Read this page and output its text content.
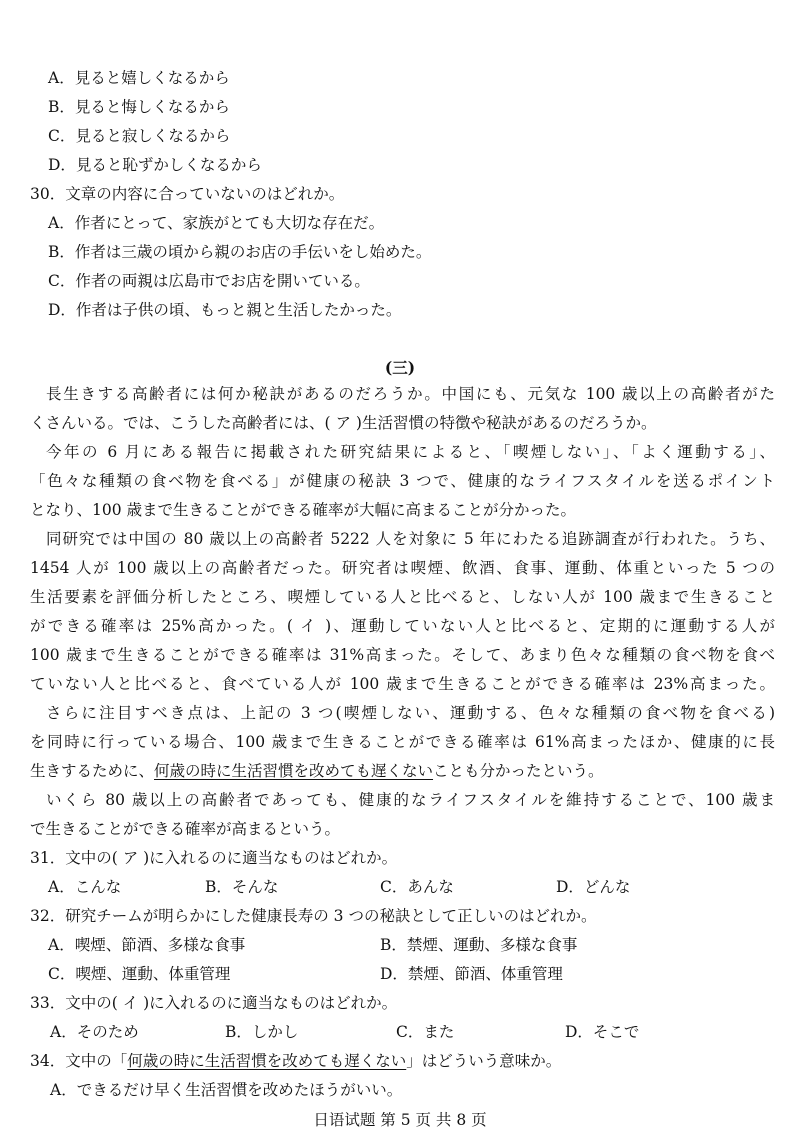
A．見ると嬉しくなるから
B．見ると悔しくなるから
C．見ると寂しくなるから
D．見ると恥ずかしくなるから
30．文章の内容に合っていないのはどれか。
A．作者にとって、家族がとても大切な存在だ。
B．作者は三歳の頃から親のお店の手伝いをし始めた。
C．作者の両親は広島市でお店を開いている。
D．作者は子供の頃、もっと親と生活したかった。
(三)
長生きする高齢者には何か秘訣があるのだろうか。中国にも、元気な 100 歳以上の高齢者がた
くさんいる。では、こうした高齢者には、( ア )生活習慣の特徴や秘訣があるのだろうか。
今年の 6 月にある報告に掲載された研究結果によると、「喫煙しない」、「よく運動する」、
「色々な種類の食べ物を食べる」が健康の秘訣 3 つで、健康的なライフスタイルを送るポイント
となり、100 歳まで生きることができる確率が大幅に高まることが分かった。
同研究では中国の 80 歳以上の高齢者 5222 人を対象に 5 年にわたる追跡調査が行われた。うち、
1454 人が 100 歳以上の高齢者だった。研究者は喫煙、飲酒、食事、運動、体重といった 5 つの
生活要素を評価分析したところ、喫煙している人と比べると、しない人が 100 歳まで生きること
ができる確率は 25%高かった。( イ )、運動していない人と比べると、定期的に運動する人が
100 歳まで生きることができる確率は 31%高まった。そして、あまり色々な種類の食べ物を食べ
ていない人と比べると、食べている人が 100 歳まで生きることができる確率は 23%高まった。
さらに注目すべき点は、上記の 3 つ(喫煙しない、運動する、色々な種類の食べ物を食べる)
を同時に行っている場合、100 歳まで生きることができる確率は 61%高まったほか、健康的に長
生きするために、何歳の時に生活習慣を改めても遅くないことも分かったという。
いくら 80 歳以上の高齢者であっても、健康的なライフスタイルを維持することで、100 歳ま
で生きることができる確率が高まるという。
31．文中の( ア )に入れるのに適当なものはどれか。
A．こんな	B．そんな	C．あんな	D．どんな
32．研究チームが明らかにした健康長寿の 3 つの秘訣として正しいのはどれか。
A．喫煙、節酒、多様な食事	B．禁煙、運動、多様な食事
C．喫煙、運動、体重管理	D．禁煙、節酒、体重管理
33．文中の( イ )に入れるのに適当なものはどれか。
A．そのため	B．しかし	C．また	D．そこで
34．文中の「何歳の時に生活習慣を改めても遅くない」はどういう意味か。
A．できるだけ早く生活習慣を改めたほうがいい。
日语试题 第 5 页 共 8 页
